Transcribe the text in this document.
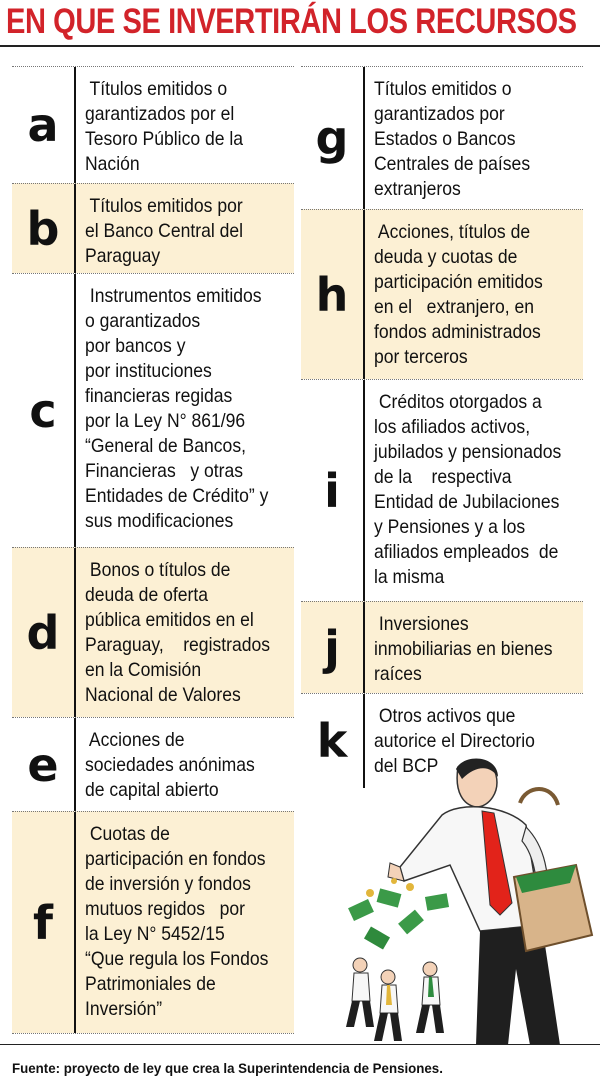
EN QUE SE INVERTIRÁN LOS RECURSOS
a
Títulos emitidos o
garantizados por el
Tesoro Público de la
Nación
b	Títulos emitidos por
el Banco Central del
Paraguay
c
Instrumentos emitidos
o garantizados
por bancos y
por instituciones
financieras regidas
por la Ley N° 861/96
“General de Bancos,
Financieras   y otras
Entidades de Crédito” y
sus modificaciones
d
Bonos o títulos de
deuda de oferta
pública emitidos en el
Paraguay,    registrados
en la Comisión
Nacional de Valores
e	Acciones de
sociedades anónimas
de capital abierto
f
Cuotas de
participación en fondos
de inversión y fondos
mutuos regidos   por
la Ley N° 5452/15
“Que regula los Fondos
Patrimoniales de
Inversión”
g
Títulos emitidos o
garantizados por
Estados o Bancos
Centrales de países
extranjeros
h
Acciones, títulos de
deuda y cuotas de
participación emitidos
en el   extranjero, en
fondos administrados
por terceros
i
Créditos otorgados a
los afiliados activos,
jubilados y pensionados
de la    respectiva
Entidad de Jubilaciones
y Pensiones y a los
afiliados empleados  de
la misma
j	Inversiones
inmobiliarias en bienes
raíces
k	Otros activos que
autorice el Directorio
del BCP
Fuente: proyecto de ley que crea la Superintendencia de Pensiones.
